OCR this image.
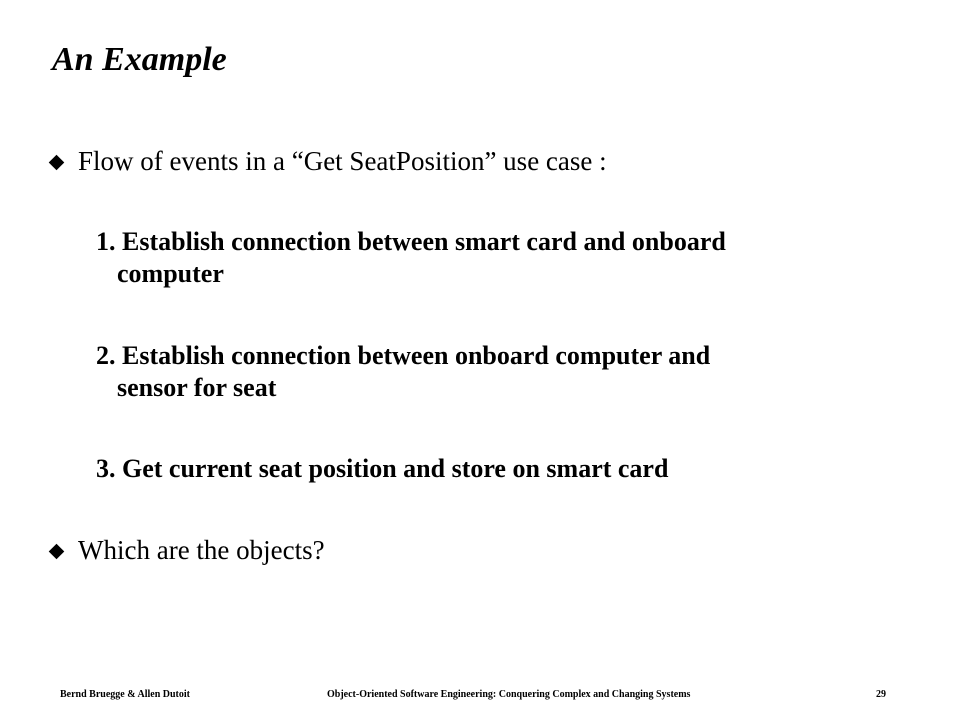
An Example
Flow of events in a “Get SeatPosition” use case :
1. Establish connection between smart card and onboard
computer
2. Establish connection between onboard computer and
sensor for seat
3. Get current seat position and store on smart card
Which are the objects?
Bernd Bruegge & Allen Dutoit	Object-Oriented Software Engineering: Conquering Complex and Changing Systems	29
